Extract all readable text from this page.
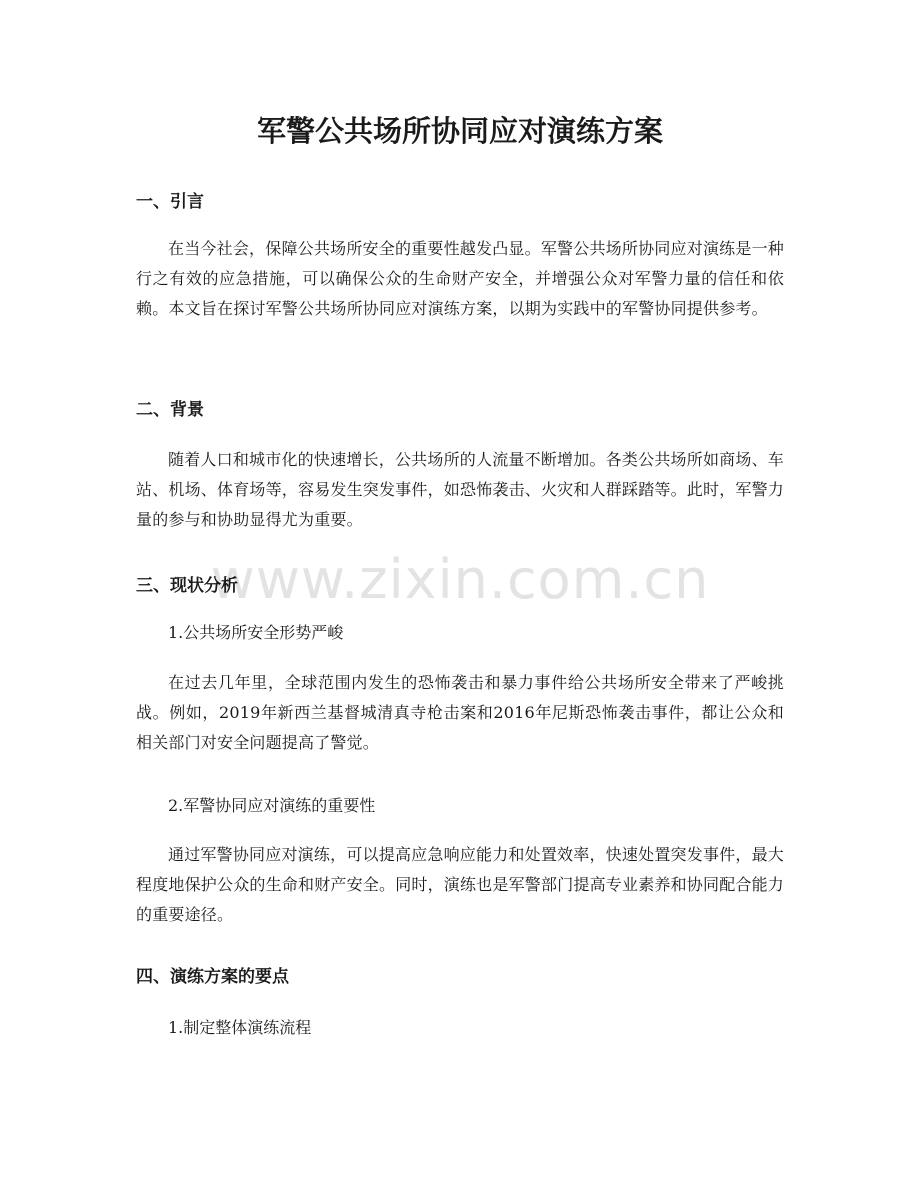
www.zixin.com.cn
军警公共场所协同应对演练方案
一、引言

在当今社会，保障公共场所安全的重要性越发凸显。军警公共场所协同应对演练是一种行之有效的应急措施，可以确保公众的生命财产安全，并增强公众对军警力量的信任和依赖。本文旨在探讨军警公共场所协同应对演练方案，以期为实践中的军警协同提供参考。

二、背景

随着人口和城市化的快速增长，公共场所的人流量不断增加。各类公共场所如商场、车站、机场、体育场等，容易发生突发事件，如恐怖袭击、火灾和人群踩踏等。此时，军警力量的参与和协助显得尤为重要。

三、现状分析

1.公共场所安全形势严峻

在过去几年里，全球范围内发生的恐怖袭击和暴力事件给公共场所安全带来了严峻挑战。例如，2019年新西兰基督城清真寺枪击案和2016年尼斯恐怖袭击事件，都让公众和相关部门对安全问题提高了警觉。

2.军警协同应对演练的重要性

通过军警协同应对演练，可以提高应急响应能力和处置效率，快速处置突发事件，最大程度地保护公众的生命和财产安全。同时，演练也是军警部门提高专业素养和协同配合能力的重要途径。

四、演练方案的要点

1.制定整体演练流程
